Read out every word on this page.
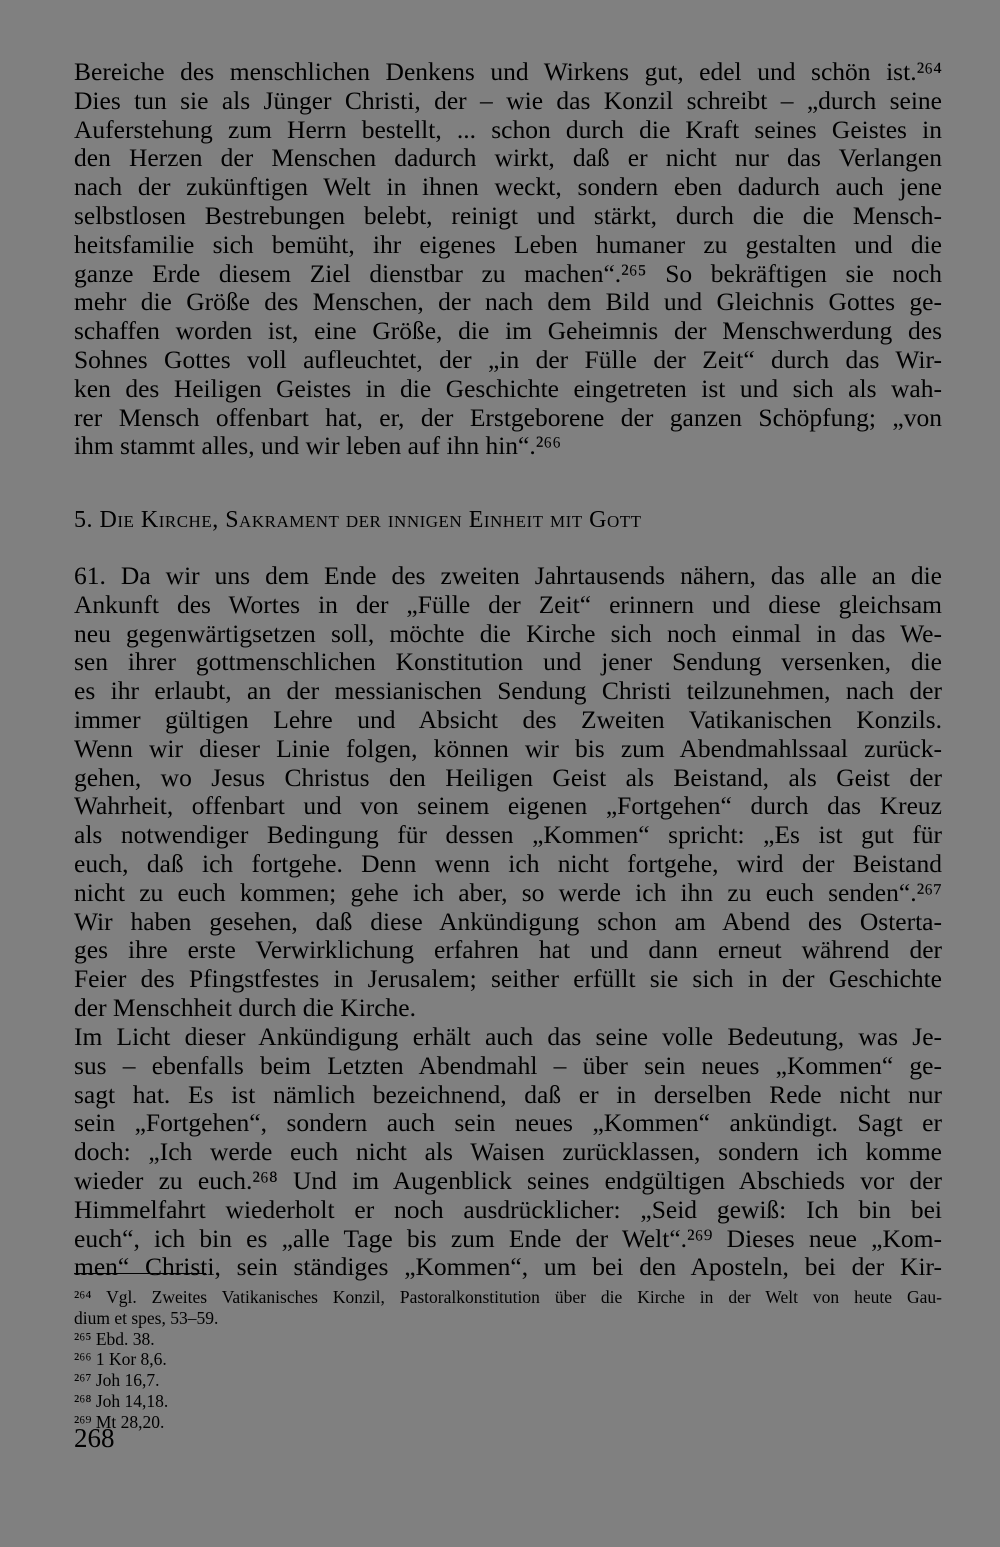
Bereiche des menschlichen Denkens und Wirkens gut, edel und schön ist.²⁶⁴
Dies tun sie als Jünger Christi, der – wie das Konzil schreibt – „durch seine
Auferstehung zum Herrn bestellt, ... schon durch die Kraft seines Geistes in
den Herzen der Menschen dadurch wirkt, daß er nicht nur das Verlangen
nach der zukünftigen Welt in ihnen weckt, sondern eben dadurch auch jene
selbstlosen Bestrebungen belebt, reinigt und stärkt, durch die die Mensch-
heitsfamilie sich bemüht, ihr eigenes Leben humaner zu gestalten und die
ganze Erde diesem Ziel dienstbar zu machen“.²⁶⁵ So bekräftigen sie noch
mehr die Größe des Menschen, der nach dem Bild und Gleichnis Gottes ge-
schaffen worden ist, eine Größe, die im Geheimnis der Menschwerdung des
Sohnes Gottes voll aufleuchtet, der „in der Fülle der Zeit“ durch das Wir-
ken des Heiligen Geistes in die Geschichte eingetreten ist und sich als wah-
rer Mensch offenbart hat, er, der Erstgeborene der ganzen Schöpfung; „von
ihm stammt alles, und wir leben auf ihn hin“.²⁶⁶
5. Die Kirche, Sakrament der innigen Einheit mit Gott
61. Da wir uns dem Ende des zweiten Jahrtausends nähern, das alle an die
Ankunft des Wortes in der „Fülle der Zeit“ erinnern und diese gleichsam
neu gegenwärtigsetzen soll, möchte die Kirche sich noch einmal in das We-
sen ihrer gottmenschlichen Konstitution und jener Sendung versenken, die
es ihr erlaubt, an der messianischen Sendung Christi teilzunehmen, nach der
immer gültigen Lehre und Absicht des Zweiten Vatikanischen Konzils.
Wenn wir dieser Linie folgen, können wir bis zum Abendmahlssaal zurück-
gehen, wo Jesus Christus den Heiligen Geist als Beistand, als Geist der
Wahrheit, offenbart und von seinem eigenen „Fortgehen“ durch das Kreuz
als notwendiger Bedingung für dessen „Kommen“ spricht: „Es ist gut für
euch, daß ich fortgehe. Denn wenn ich nicht fortgehe, wird der Beistand
nicht zu euch kommen; gehe ich aber, so werde ich ihn zu euch senden“.²⁶⁷
Wir haben gesehen, daß diese Ankündigung schon am Abend des Osterta-
ges ihre erste Verwirklichung erfahren hat und dann erneut während der
Feier des Pfingstfestes in Jerusalem; seither erfüllt sie sich in der Geschichte
der Menschheit durch die Kirche.
Im Licht dieser Ankündigung erhält auch das seine volle Bedeutung, was Je-
sus – ebenfalls beim Letzten Abendmahl – über sein neues „Kommen“ ge-
sagt hat. Es ist nämlich bezeichnend, daß er in derselben Rede nicht nur
sein „Fortgehen“, sondern auch sein neues „Kommen“ ankündigt. Sagt er
doch: „Ich werde euch nicht als Waisen zurücklassen, sondern ich komme
wieder zu euch.²⁶⁸ Und im Augenblick seines endgültigen Abschieds vor der
Himmelfahrt wiederholt er noch ausdrücklicher: „Seid gewiß: Ich bin bei
euch“, ich bin es „alle Tage bis zum Ende der Welt“.²⁶⁹ Dieses neue „Kom-
men“ Christi, sein ständiges „Kommen“, um bei den Aposteln, bei der Kir-
²⁶⁴ Vgl. Zweites Vatikanisches Konzil, Pastoralkonstitution über die Kirche in der Welt von heute Gau-
dium et spes, 53–59.
²⁶⁵ Ebd. 38.
²⁶⁶ 1 Kor 8,6.
²⁶⁷ Joh 16,7.
²⁶⁸ Joh 14,18.
²⁶⁹ Mt 28,20.
268
